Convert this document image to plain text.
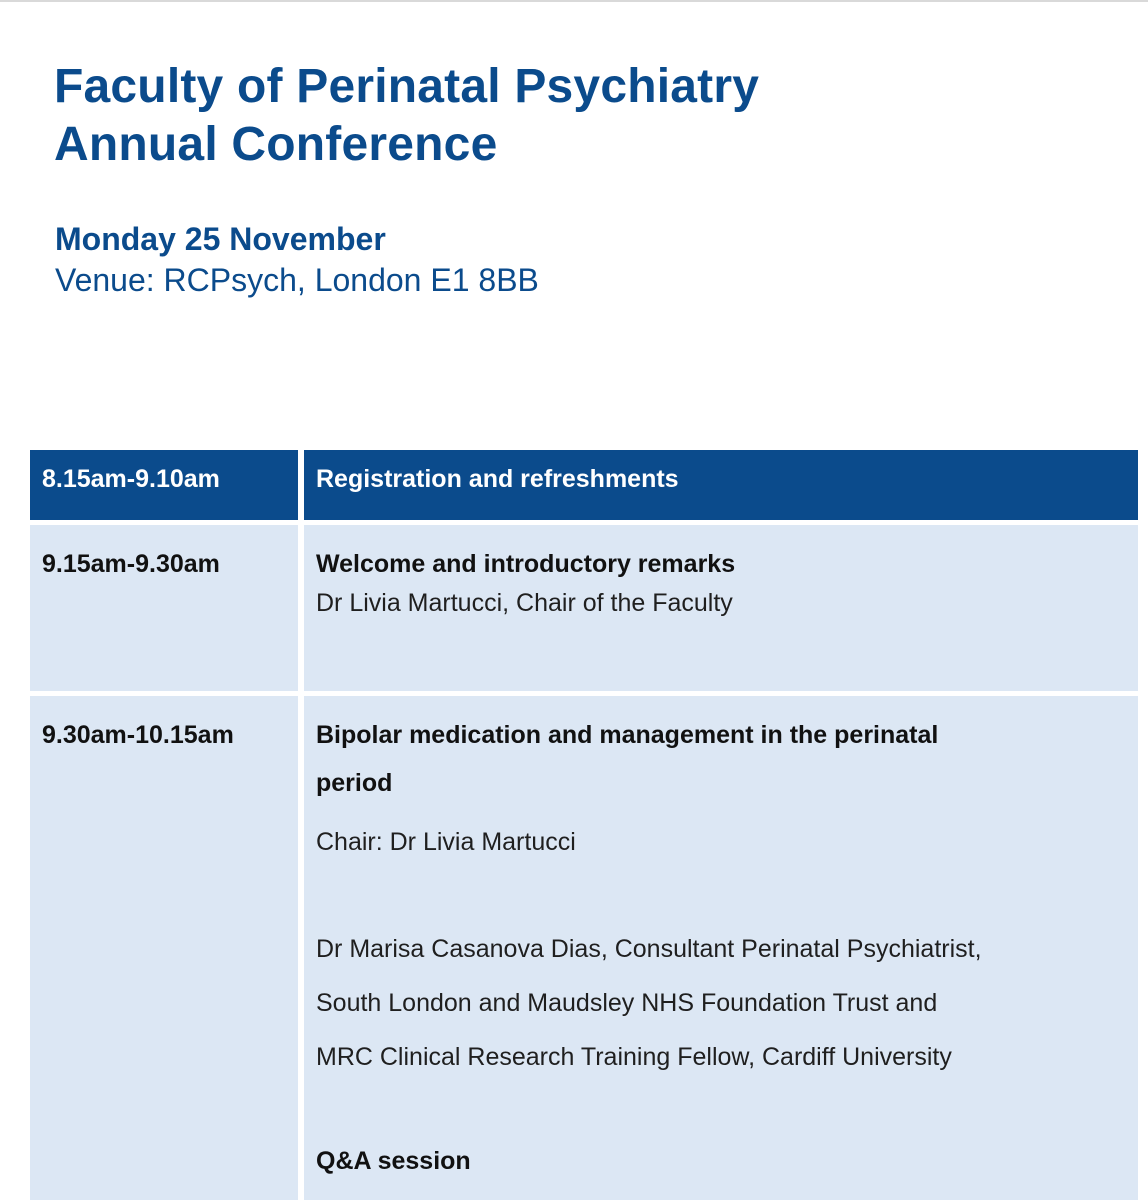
Faculty of Perinatal Psychiatry
Annual Conference
Monday 25 November
Venue: RCPsych, London E1 8BB
8.15am-9.10am	Registration and refreshments
9.15am-9.30am	Welcome and introductory remarks
Dr Livia Martucci, Chair of the Faculty
9.30am-10.15am	Bipolar medication and management in the perinatal
period

Chair: Dr Livia Martucci

Dr Marisa Casanova Dias, Consultant Perinatal Psychiatrist,

South London and Maudsley NHS Foundation Trust and

MRC Clinical Research Training Fellow, Cardiff University

Q&A session
